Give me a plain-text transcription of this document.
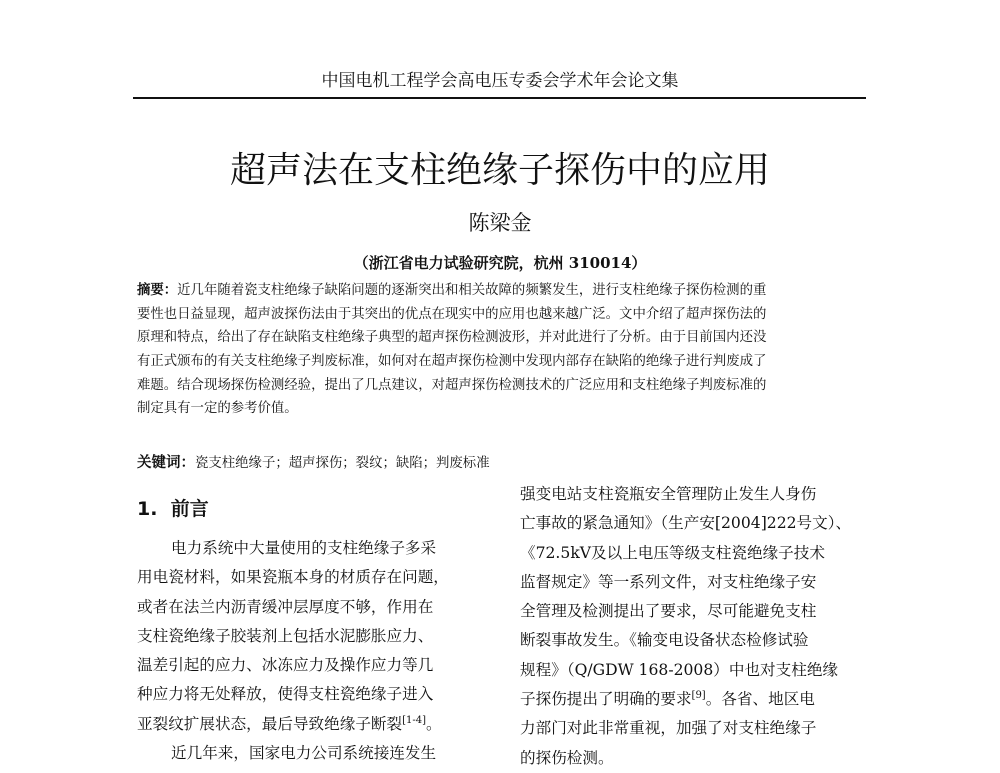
中国电机工程学会高电压专委会学术年会论文集
超声法在支柱绝缘子探伤中的应用
陈梁金
（浙江省电力试验研究院，杭州 310014）
摘要：近几年随着瓷支柱绝缘子缺陷问题的逐渐突出和相关故障的频繁发生，进行支柱绝缘子探伤检测的重
要性也日益显现，超声波探伤法由于其突出的优点在现实中的应用也越来越广泛。文中介绍了超声探伤法的
原理和特点，给出了存在缺陷支柱绝缘子典型的超声探伤检测波形，并对此进行了分析。由于目前国内还没
有正式颁布的有关支柱绝缘子判废标准，如何对在超声探伤检测中发现内部存在缺陷的绝缘子进行判废成了
难题。结合现场探伤检测经验，提出了几点建议，对超声探伤检测技术的广泛应用和支柱绝缘子判废标准的
制定具有一定的参考价值。
关键词：瓷支柱绝缘子；超声探伤；裂纹；缺陷；判废标准
1. 前言
电力系统中大量使用的支柱绝缘子多采
用电瓷材料，如果瓷瓶本身的材质存在问题，
或者在法兰内沥青缓冲层厚度不够，作用在
支柱瓷绝缘子胶装剂上包括水泥膨胀应力、
温差引起的应力、冰冻应力及操作应力等几
种应力将无处释放，使得支柱瓷绝缘子进入
亚裂纹扩展状态，最后导致绝缘子断裂[1-4]。
近几年来，国家电力公司系统接连发生
强变电站支柱瓷瓶安全管理防止发生人身伤
亡事故的紧急通知》（生产安[2004]222号文）、
《72.5kV及以上电压等级支柱瓷绝缘子技术
监督规定》等一系列文件，对支柱绝缘子安
全管理及检测提出了要求，尽可能避免支柱
断裂事故发生。《输变电设备状态检修试验
规程》（Q/GDW 168-2008）中也对支柱绝缘
子探伤提出了明确的要求[9]。各省、地区电
力部门对此非常重视，加强了对支柱绝缘子
的探伤检测。
